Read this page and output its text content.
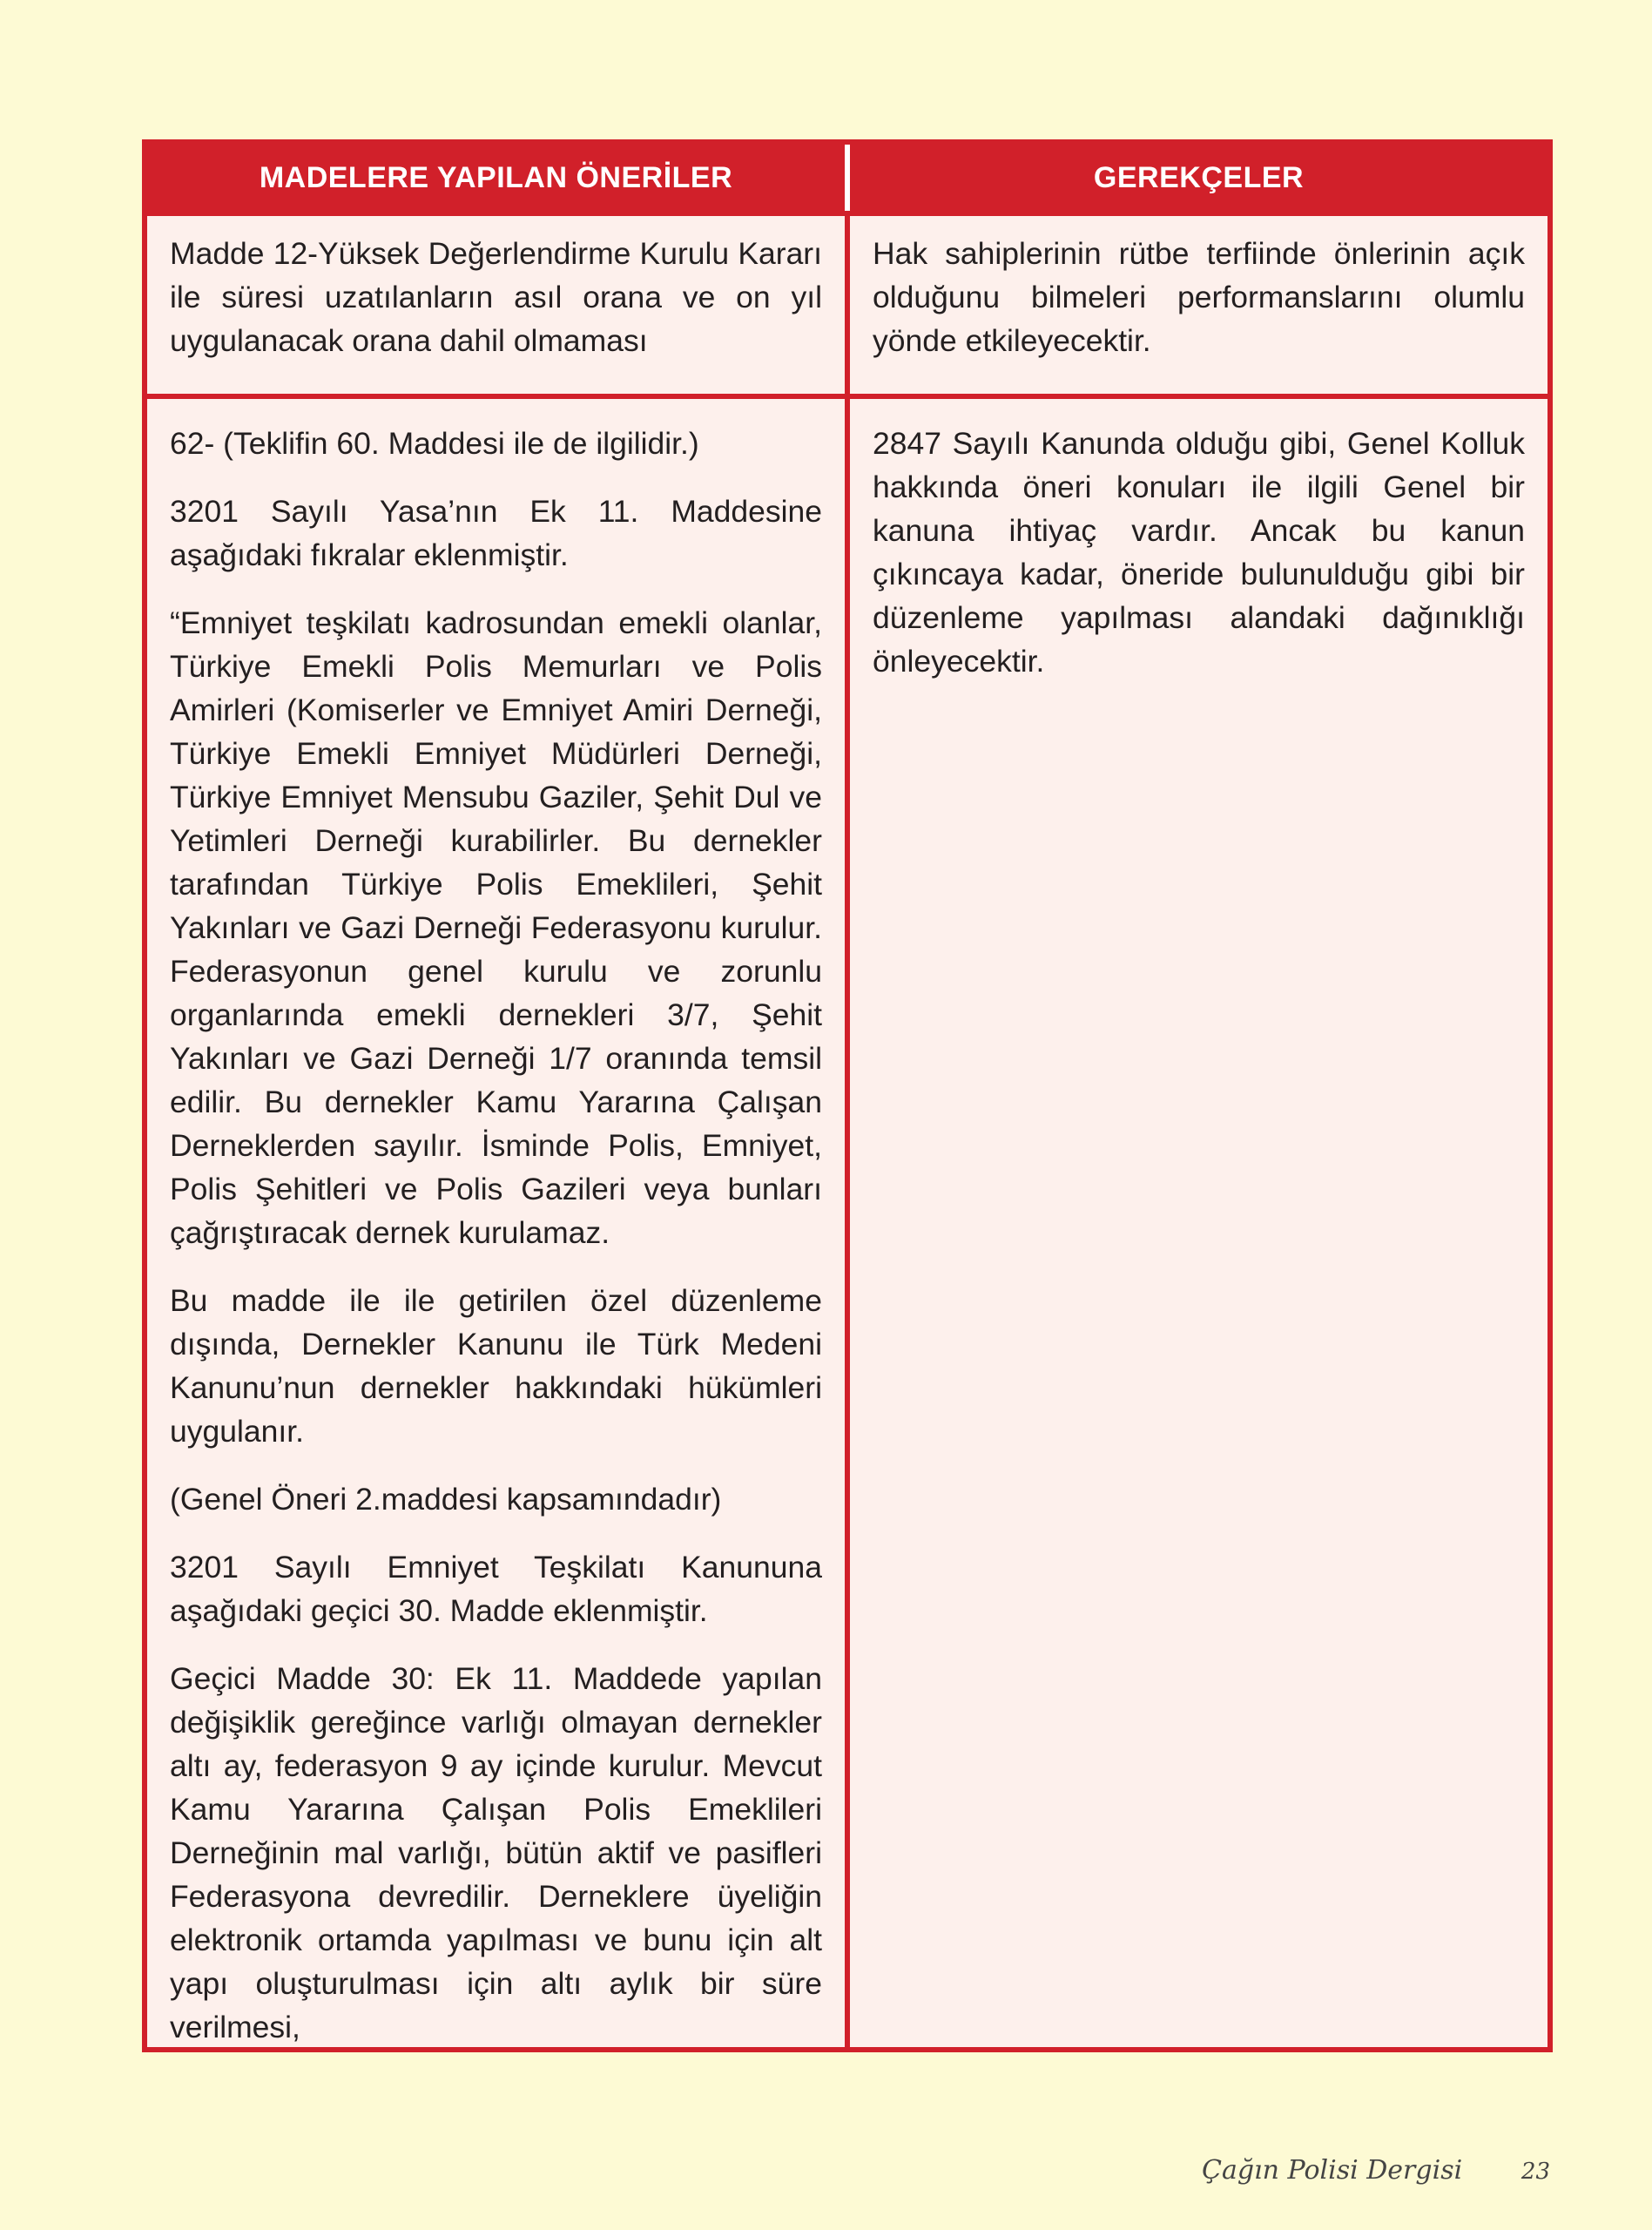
MADELERE YAPILAN ÖNERİLER	GEREKÇELER

Madde 12-Yüksek Değerlendirme Kurulu Kararı ile süresi uzatılanların asıl orana ve on yıl uygulanacak orana dahil olmaması

Hak sahiplerinin rütbe terfiinde önlerinin açık olduğunu bilmeleri performanslarını olumlu yönde etkileyecektir.

62- (Teklifin 60. Maddesi ile de ilgilidir.)

3201 Sayılı Yasa’nın Ek 11. Maddesine aşağıdaki fıkralar eklenmiştir.

“Emniyet teşkilatı kadrosundan emekli olanlar, Türkiye Emekli Polis Memurları ve Polis Amirleri (Komiserler ve Emniyet Amiri Derneği, Türkiye Emekli Emniyet Müdürleri Derneği, Türkiye Emniyet Mensubu Gaziler, Şehit Dul ve Yetimleri Derneği kurabilirler. Bu dernekler tarafından Türkiye Polis Emeklileri, Şehit Yakınları ve Gazi Derneği Federasyonu kurulur. Federasyonun genel kurulu ve zorunlu organlarında emekli dernekleri 3/7, Şehit Yakınları ve Gazi Derneği 1/7 oranında temsil edilir. Bu dernekler Kamu Yararına Çalışan Derneklerden sayılır. İsminde Polis, Emniyet, Polis Şehitleri ve Polis Gazileri veya bunları çağrıştıracak dernek kurulamaz.

Bu madde ile ile getirilen özel düzenleme dışında, Dernekler Kanunu ile Türk Medeni Kanunu’nun dernekler hakkındaki hükümleri uygulanır.

(Genel Öneri 2.maddesi kapsamındadır)

3201 Sayılı Emniyet Teşkilatı Kanununa aşağıdaki geçici 30. Madde eklenmiştir.

Geçici Madde 30: Ek 11. Maddede yapılan değişiklik gereğince varlığı olmayan dernekler altı ay, federasyon 9 ay içinde kurulur. Mevcut Kamu Yararına Çalışan Polis Emeklileri Derneğinin mal varlığı, bütün aktif ve pasifleri Federasyona devredilir. Derneklere üyeliğin elektronik ortamda yapılması ve bunu için alt yapı oluşturulması için altı aylık bir süre verilmesi,

2847 Sayılı Kanunda olduğu gibi, Genel Kolluk hakkında öneri konuları ile ilgili Genel bir kanuna ihtiyaç vardır. Ancak bu kanun çıkıncaya kadar, öneride bulunulduğu gibi bir düzenleme yapılması alandaki dağınıklığı önleyecektir.

Çağın Polisi Dergisi	23
